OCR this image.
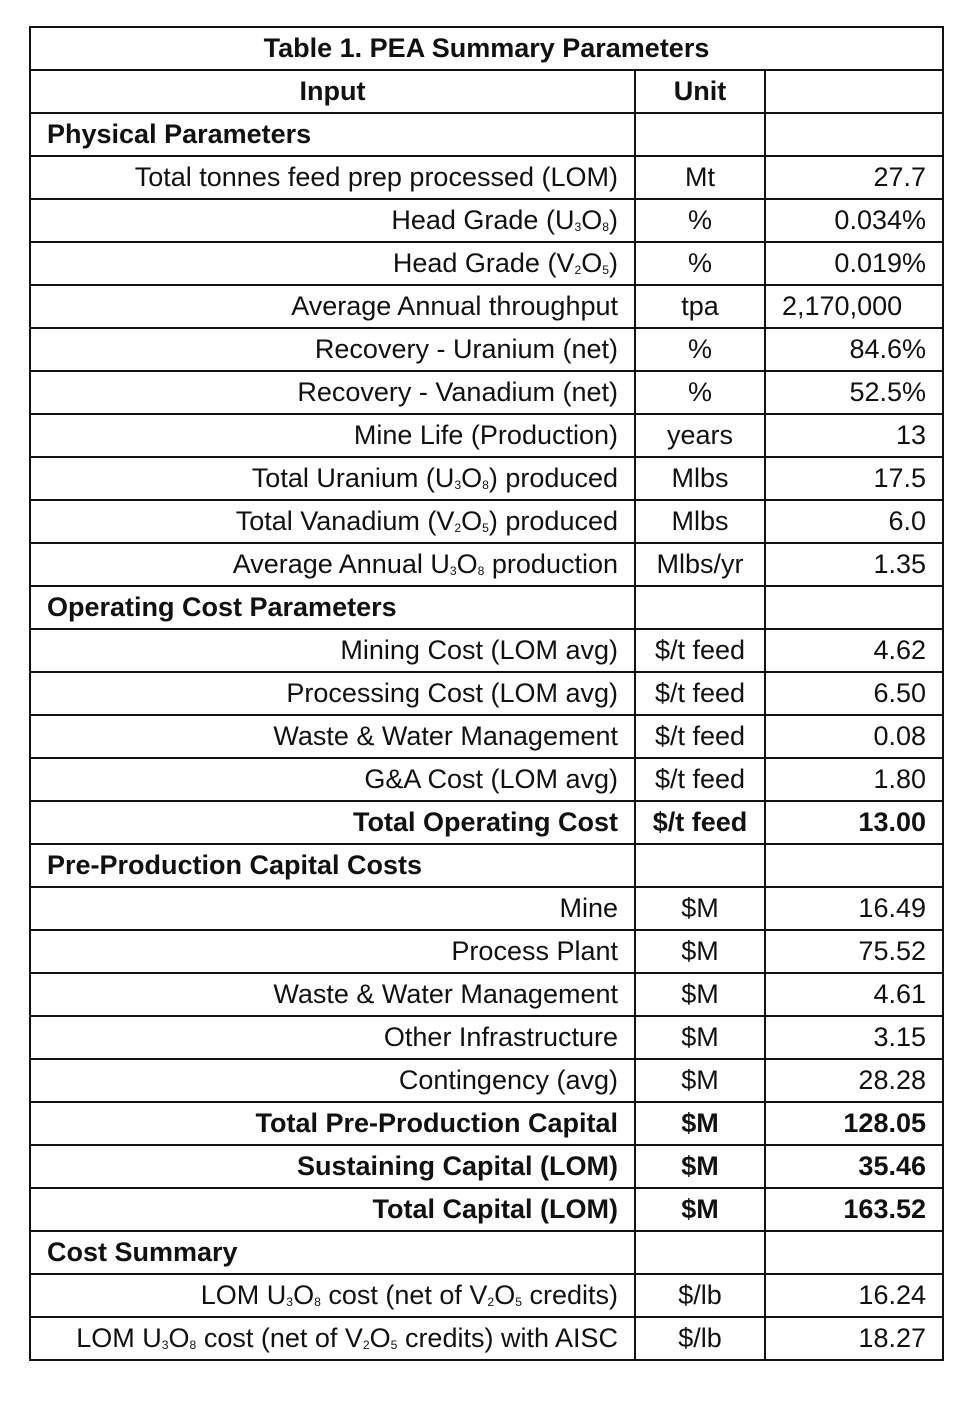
Table 1. PEA Summary Parameters		
Input	Unit	
Physical Parameters		
Total tonnes feed prep processed (LOM)	Mt	27.7
Head Grade $(U_3O_8)$	%	0.034%
Head Grade $(V_2O_5)$	%	0.019%
Average Annual throughput	tpa	2,170,000
Recovery - Uranium (net)	%	84.6%
Recovery - Vanadium (net)	%	52.5%
Mine Life (Production)	years	13
Total Uranium $(U_3O_8)$ produced	Mlbs	17.5
Total Vanadium $(V_2O_5)$ produced	Mlbs	6.0
Average Annual $U_3O_8$ production	Mlbs/yr	1.35
Operating Cost Parameters		
Mining Cost (LOM avg)	$/t feed	4.62
Processing Cost (LOM avg)	$/t feed	6.50
Waste & Water Management	$/t feed	0.08
G&A Cost (LOM avg)	$/t feed	1.80
Total Operating Cost	$/t feed	13.00
Pre-Production Capital Costs		
Mine	$M	16.49
Process Plant	$M	75.52
Waste & Water Management	$M	4.61
Other Infrastructure	$M	3.15
Contingency (avg)	$M	28.28
Total Pre-Production Capital	$M	128.05
Sustaining Capital (LOM)	$M	35.46
Total Capital (LOM)	$M	163.52
Cost Summary		
LOM $U_3O_8$ cost (net of $V_2O_5$ credits)	$/lb	16.24
LOM $U_3O_8$ cost (net of $V_2O_5$ credits) with AISC	$/lb	18.27
